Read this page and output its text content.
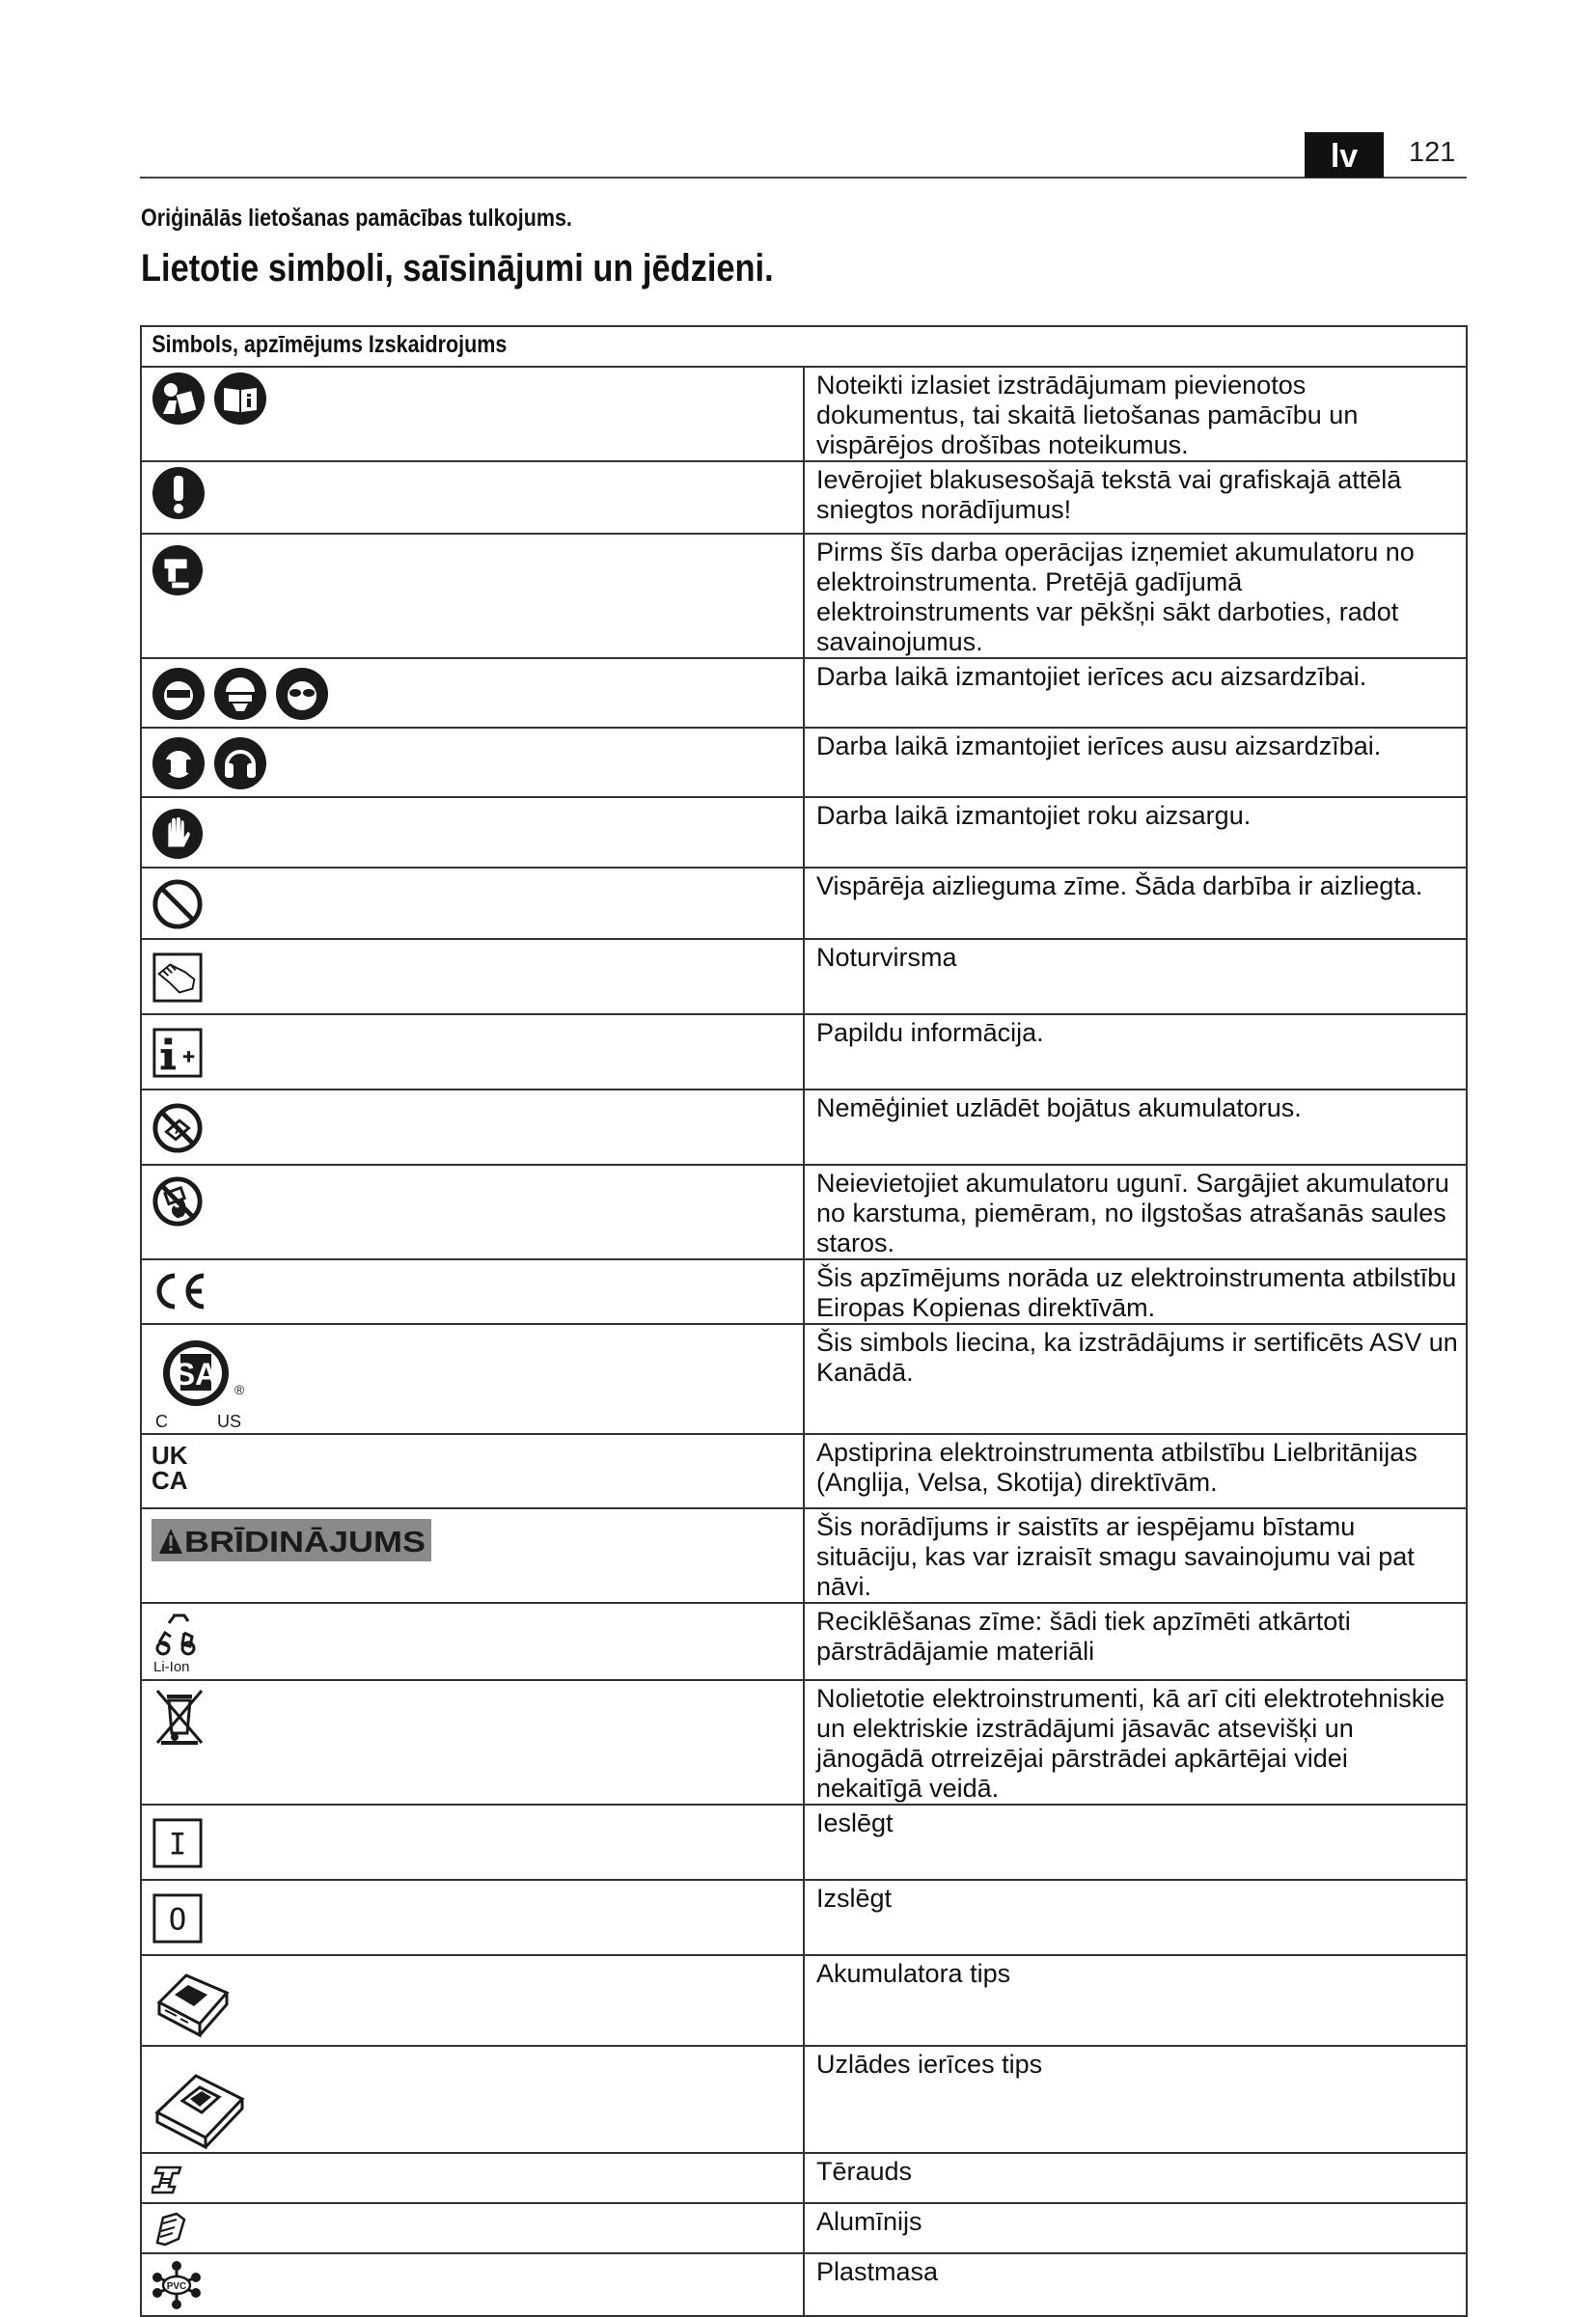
lv	121
Oriģinālās lietošanas pamācības tulkojums.
Lietotie simboli, saīsinājumi un jēdzieni.
Simbols, apzīmējums Izskaidrojums	

	Noteikti izlasiet izstrādājumam pievienotos dokumentus, tai skaitā lietošanas pamācību un vispārējos drošības noteikumus.

	Ievērojiet blakusesošajā tekstā vai grafiskajā attēlā sniegtos norādījumus!

	Pirms šīs darba operācijas izņemiet akumulatoru no elektroinstrumenta. Pretējā gadījumā elektroinstruments var pēkšņi sākt darboties, radot savainojumus.

	Darba laikā izmantojiet ierīces acu aizsardzībai.

	Darba laikā izmantojiet ierīces ausu aizsardzībai.

	Darba laikā izmantojiet roku aizsargu.

	Vispārēja aizlieguma zīme. Šāda darbība ir aizliegta.

	Noturvirsma

	Papildu informācija.

	Nemēģiniet uzlādēt bojātus akumulatorus.

	Neievietojiet akumulatoru ugunī. Sargājiet akumulatoru no karstuma, piemēram, no ilgstošas atrašanās saules staros.

	Šis apzīmējums norāda uz elektroinstrumenta atbilstību Eiropas Kopienas direktīvām.

SA
C US
®	Šis simbols liecina, ka izstrādājums ir sertificēts ASV un Kanādā.

UK
CA	Apstiprina elektroinstrumenta atbilstību Lielbritānijas (Anglija, Velsa, Skotija) direktīvām.

BRĪDINĀJUMS	Šis norādījums ir saistīts ar iespējamu bīstamu situāciju, kas var izraisīt smagu savainojumu vai pat nāvi.

Li-Ion	Reciklēšanas zīme: šādi tiek apzīmēti atkārtoti pārstrādājamie materiāli

	Nolietotie elektroinstrumenti, kā arī citi elektrotehniskie un elektriskie izstrādājumi jāsavāc atsevišķi un jānogādā otrreizējai pārstrādei apkārtējai videi nekaitīgā veidā.

I	Ieslēgt

O	Izslēgt

	Akumulatora tips

	Uzlādes ierīces tips

	Tērauds

	Alumīnijs

PVC	Plastmasa
